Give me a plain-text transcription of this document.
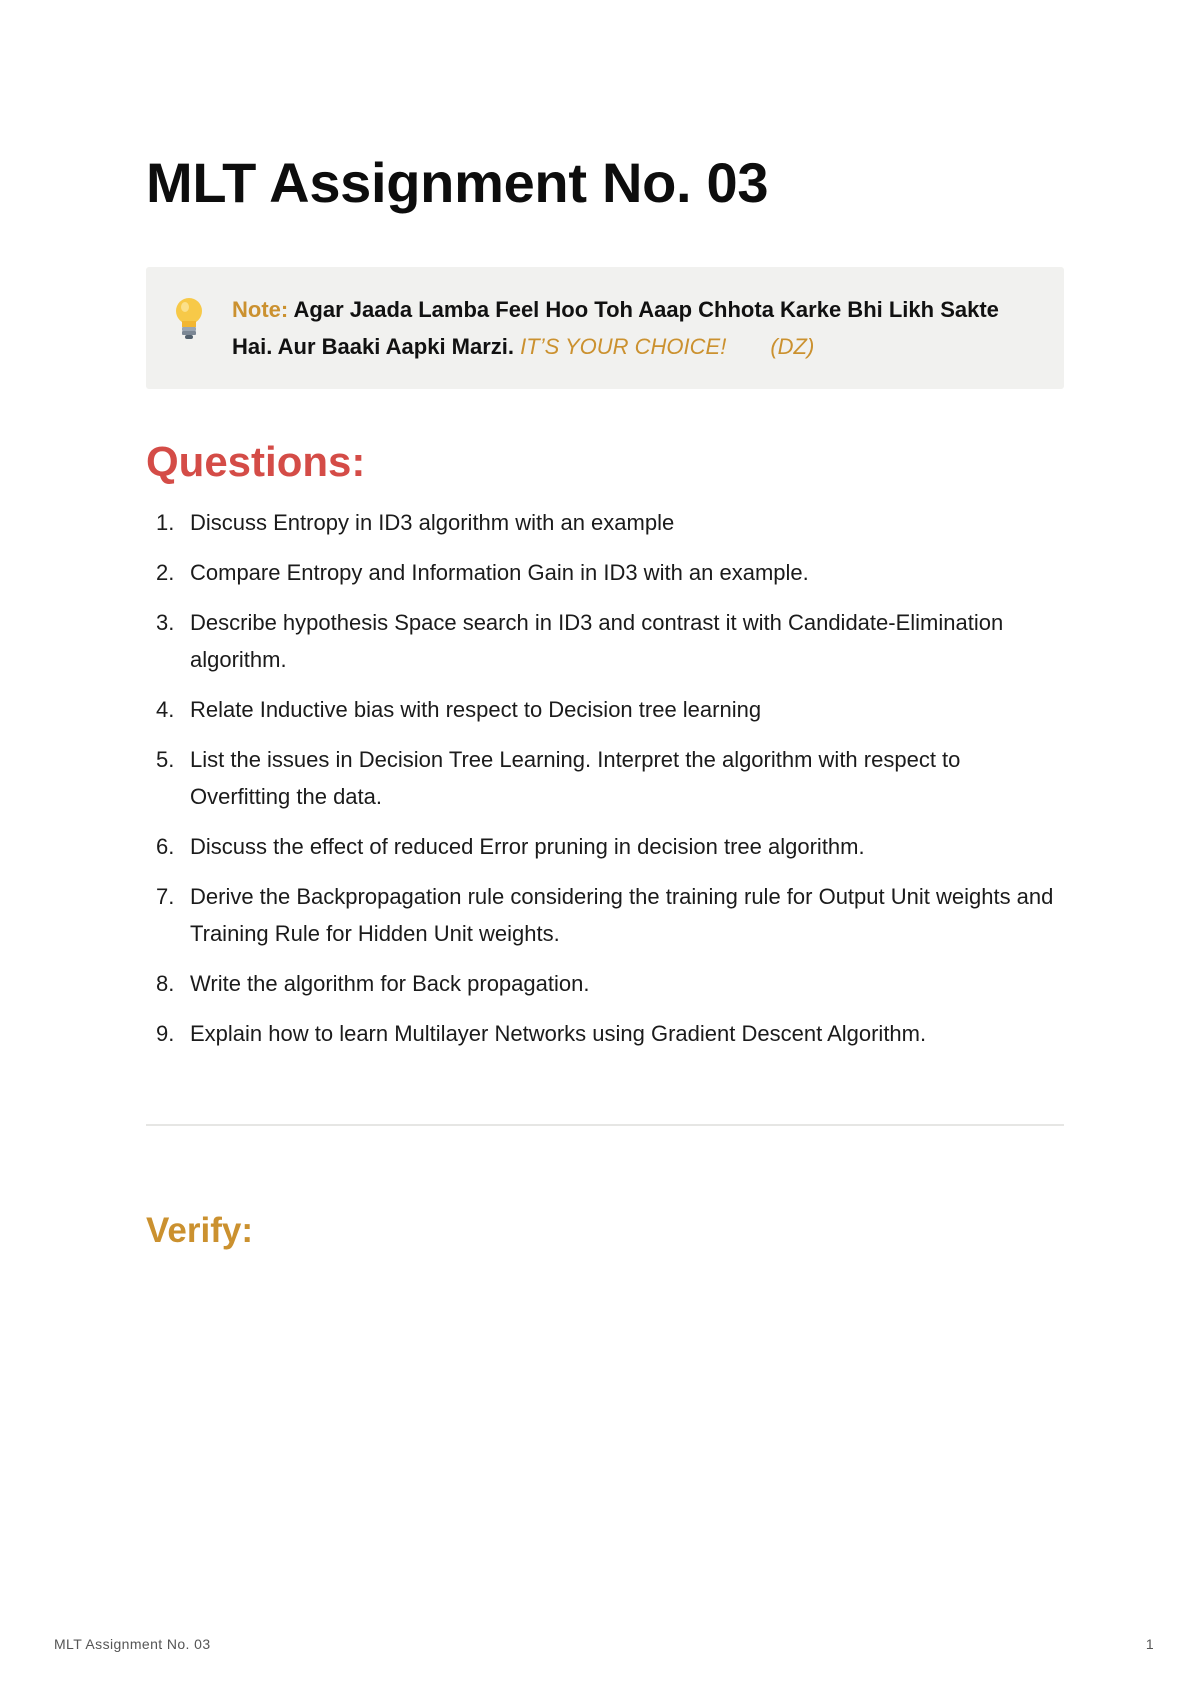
MLT Assignment No. 03
Note: Agar Jaada Lamba Feel Hoo Toh Aaap Chhota Karke Bhi Likh Sakte Hai. Aur Baaki Aapki Marzi. IT’S YOUR CHOICE! (DZ)
Questions:
1. Discuss Entropy in ID3 algorithm with an example
2. Compare Entropy and Information Gain in ID3 with an example.
3. Describe hypothesis Space search in ID3 and contrast it with Candidate-Elimination algorithm.
4. Relate Inductive bias with respect to Decision tree learning
5. List the issues in Decision Tree Learning. Interpret the algorithm with respect to Overfitting the data.
6. Discuss the effect of reduced Error pruning in decision tree algorithm.
7. Derive the Backpropagation rule considering the training rule for Output Unit weights and Training Rule for Hidden Unit weights.
8. Write the algorithm for Back propagation.
9. Explain how to learn Multilayer Networks using Gradient Descent Algorithm.
Verify:
MLT Assignment No. 03	1
